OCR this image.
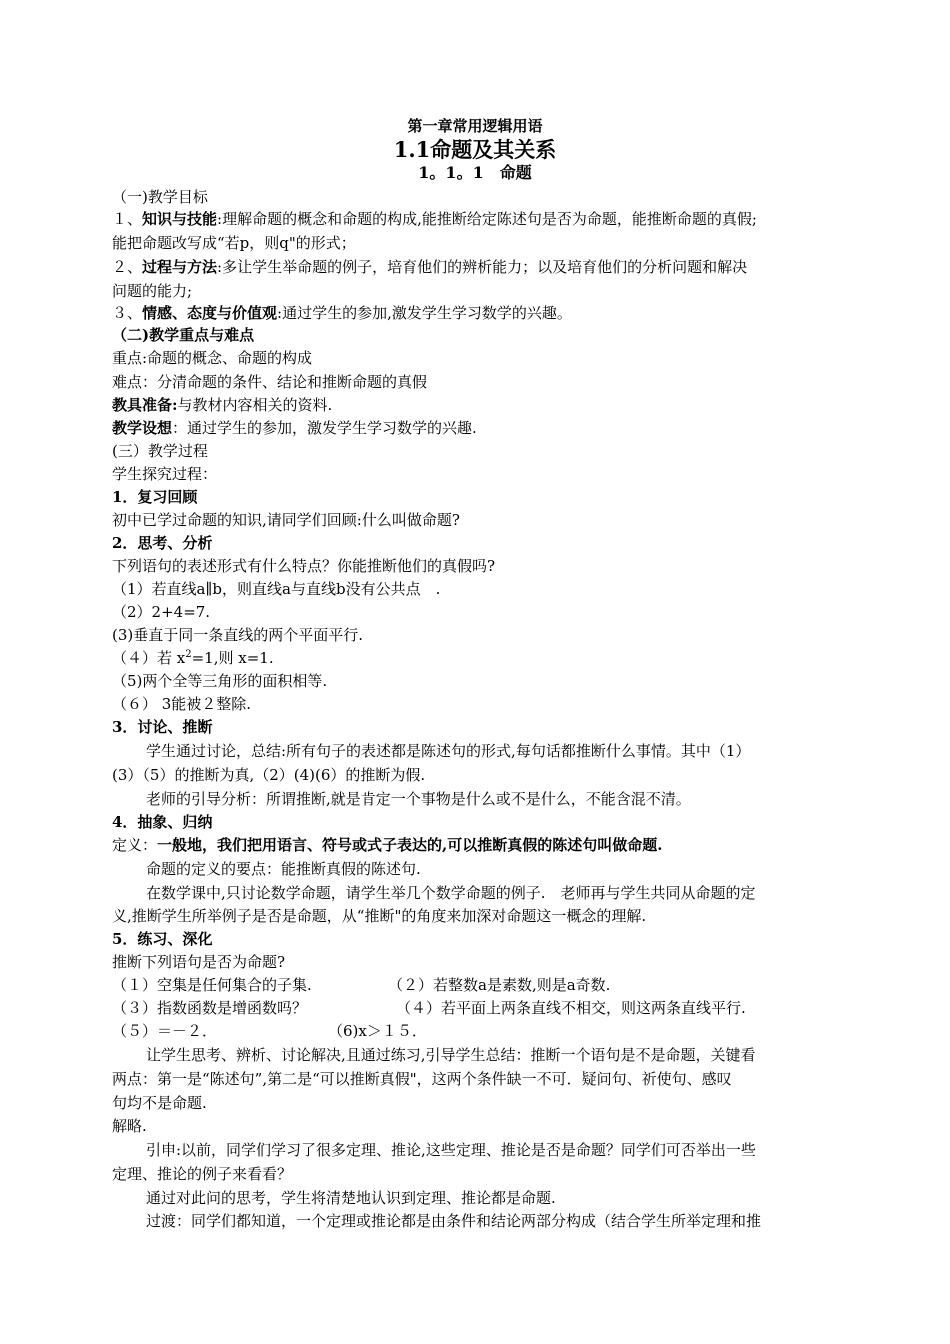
第一章常用逻辑用语
1.1命题及其关系
1。1。1　命题
（一)教学目标
１、知识与技能:理解命题的概念和命题的构成,能推断给定陈述句是否为命题，能推断命题的真假;
能把命题改写成“若p，则q"的形式；
２、过程与方法:多让学生举命题的例子，培育他们的辨析能力；以及培育他们的分析问题和解决
问题的能力;
３、情感、态度与价值观:通过学生的参加,激发学生学习数学的兴趣。
（二)教学重点与难点
重点:命题的概念、命题的构成
难点：分清命题的条件、结论和推断命题的真假
教具准备:与教材内容相关的资料.
教学设想：通过学生的参加，激发学生学习数学的兴趣.
(三）教学过程
学生探究过程：
1．复习回顾
初中已学过命题的知识,请同学们回顾:什么叫做命题?
2．思考、分析
下列语句的表述形式有什么特点？你能推断他们的真假吗?
（1）若直线a∥b，则直线a与直线b没有公共点　.
（2）2+4=7.
(3)垂直于同一条直线的两个平面平行.
（４）若 $x^2=1$,则 x=1.
（5)两个全等三角形的面积相等.
（６） 3能被２整除.
3．讨论、推断
学生通过讨论，总结:所有句子的表述都是陈述句的形式,每句话都推断什么事情。其中（1）
(3）（5）的推断为真,（2）(4)(6）的推断为假.
老师的引导分析：所谓推断,就是肯定一个事物是什么或不是什么，不能含混不清。
4．抽象、归纳
定义：一般地，我们把用语言、符号或式子表达的,可以推断真假的陈述句叫做命题.
命题的定义的要点：能推断真假的陈述句.
在数学课中,只讨论数学命题，请学生举几个数学命题的例子.　老师再与学生共同从命题的定
义,推断学生所举例子是否是命题，从“推断"的角度来加深对命题这一概念的理解.
5．练习、深化
推断下列语句是否为命题?
（１）空集是任何集合的子集.	（２）若整数a是素数,则是a奇数.
（３）指数函数是增函数吗？	（４）若平面上两条直线不相交，则这两条直线平行.
（５）＝－２．	（6)x＞１５．
让学生思考、辨析、讨论解决,且通过练习,引导学生总结：推断一个语句是不是命题，关键看
两点：第一是“陈述句”,第二是“可以推断真假"，这两个条件缺一不可．疑问句、祈使句、感叹
句均不是命题.
解略.
引申:以前，同学们学习了很多定理、推论,这些定理、推论是否是命题？同学们可否举出一些
定理、推论的例子来看看？
通过对此问的思考，学生将清楚地认识到定理、推论都是命题.
过渡：同学们都知道，一个定理或推论都是由条件和结论两部分构成（结合学生所举定理和推
